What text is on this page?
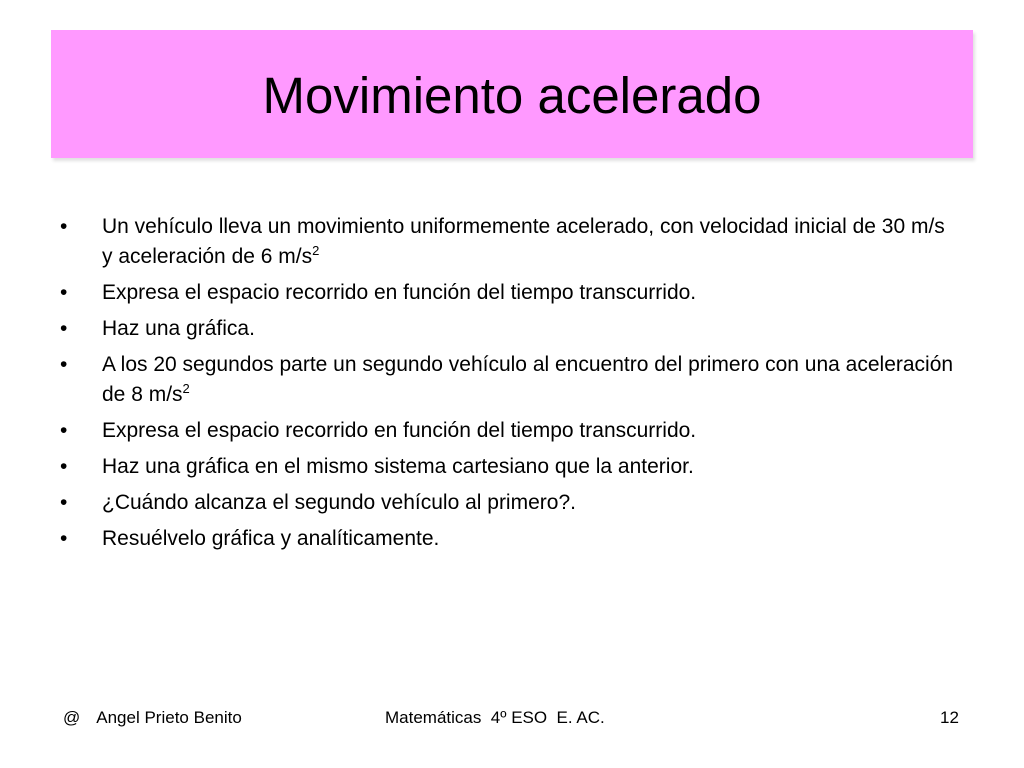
Movimiento acelerado
• Un vehículo lleva un movimiento uniformemente acelerado, con velocidad inicial de 30 m/s y aceleración de 6 $m/s^2$
• Expresa el espacio recorrido en función del tiempo transcurrido.
• Haz una gráfica.
• A los 20 segundos parte un segundo vehículo al encuentro del primero con una aceleración de 8 $m/s^2$
• Expresa el espacio recorrido en función del tiempo transcurrido.
• Haz una gráfica en el mismo sistema cartesiano que la anterior.
• ¿Cuándo alcanza el segundo vehículo al primero?.
• Resuélvelo gráfica y analíticamente.
@ Angel Prieto Benito	Matemáticas  4º ESO  E. AC.	12
